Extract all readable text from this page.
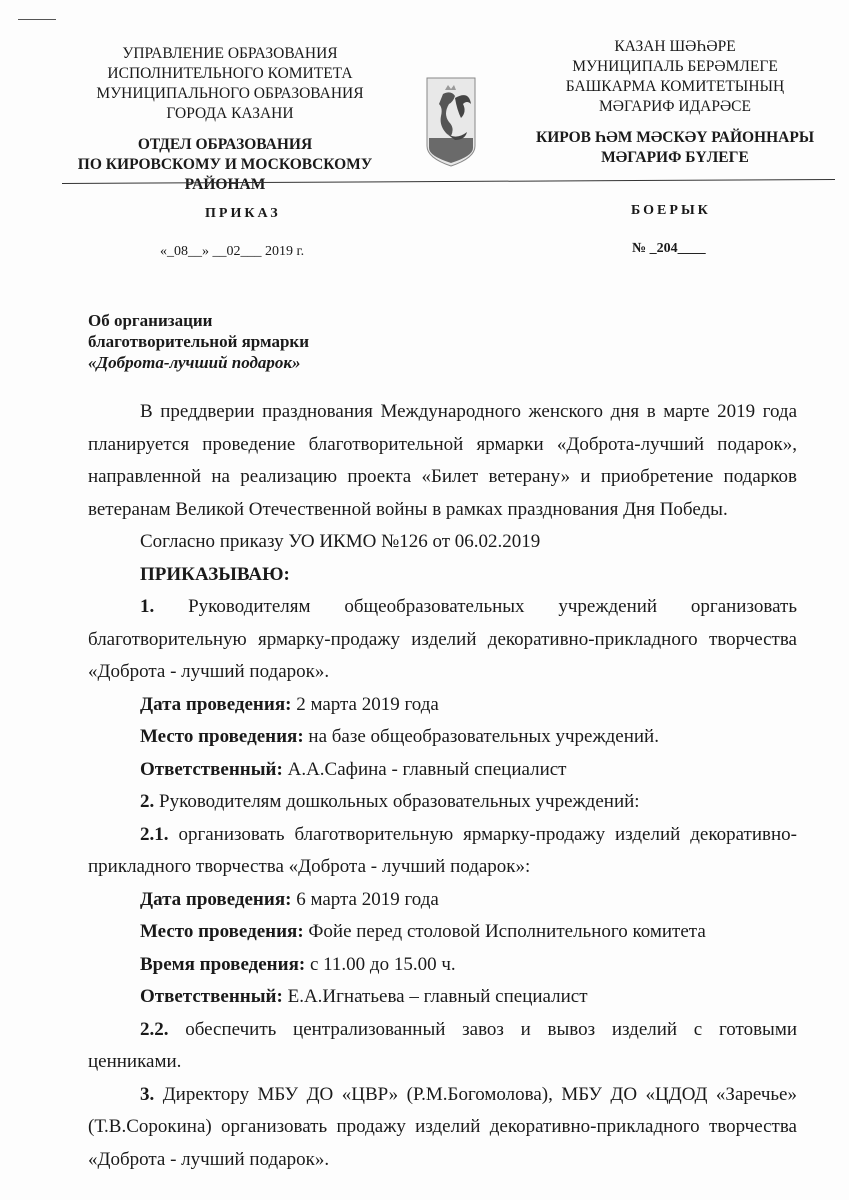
УПРАВЛЕНИЕ ОБРАЗОВАНИЯ
ИСПОЛНИТЕЛЬНОГО КОМИТЕТА
МУНИЦИПАЛЬНОГО ОБРАЗОВАНИЯ
ГОРОДА КАЗАНИ
ОТДЕЛ ОБРАЗОВАНИЯ
ПО КИРОВСКОМУ И МОСКОВСКОМУ
РАЙОНАМ
КАЗАН ШӘҺӘРЕ
МУНИЦИПАЛЬ БЕРӘМЛЕГЕ
БАШКАРМА КОМИТЕТЫНЫҢ
МӘГАРИФ ИДАРӘСЕ
КИРОВ ҺӘМ МӘСКӘҮ РАЙОННАРЫ
МӘГАРИФ БҮЛЕГЕ
ПРИКАЗ	БОЕРЫК
«_08__» __02___ 2019 г.	№ _204____
Об организации
благотворительной ярмарки
«Доброта-лучший подарок»

В преддверии празднования Международного женского дня в марте 2019 года планируется проведение благотворительной ярмарки «Доброта-лучший подарок», направленной на реализацию проекта «Билет ветерану» и приобретение подарков ветеранам Великой Отечественной войны в рамках празднования Дня Победы.

Согласно приказу УО ИКМО №126 от 06.02.2019

ПРИКАЗЫВАЮ:

1. Руководителям общеобразовательных учреждений организовать благотворительную ярмарку-продажу изделий декоративно-прикладного творчества «Доброта - лучший подарок».

Дата проведения: 2 марта 2019 года

Место проведения: на базе общеобразовательных учреждений.

Ответственный: А.А.Сафина - главный специалист

2. Руководителям дошкольных образовательных учреждений:

2.1. организовать благотворительную ярмарку-продажу изделий декоративно-прикладного творчества «Доброта - лучший подарок»:

Дата проведения: 6 марта 2019 года

Место проведения: Фойе перед столовой Исполнительного комитета

Время проведения: с 11.00 до 15.00 ч.

Ответственный: Е.А.Игнатьева – главный специалист

2.2. обеспечить централизованный завоз и вывоз изделий с готовыми ценниками.

3. Директору МБУ ДО «ЦВР» (Р.М.Богомолова), МБУ ДО «ЦДОД «Заречье» (Т.В.Сорокина) организовать продажу изделий декоративно-прикладного творчества «Доброта - лучший подарок».
